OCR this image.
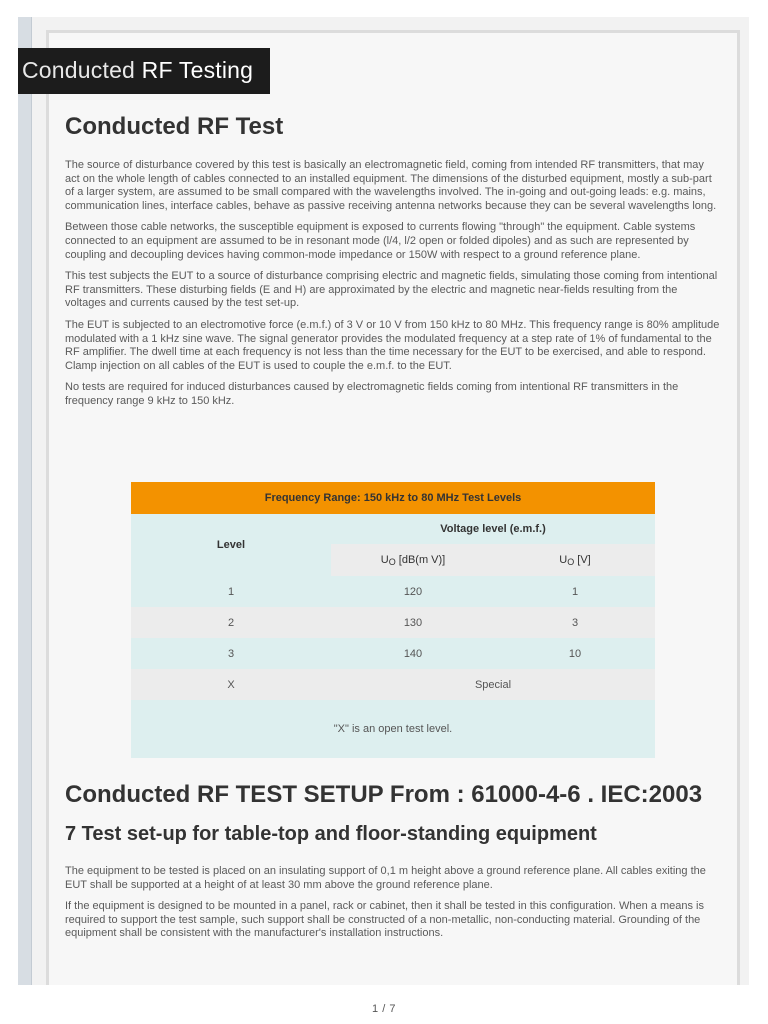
Conducted RF Testing
Conducted RF Test

The source of disturbance covered by this test is basically an electromagnetic field, coming from intended RF transmitters, that may act on the whole length of cables connected to an installed equipment. The dimensions of the disturbed equipment, mostly a sub-part of a larger system, are assumed to be small compared with the wavelengths involved. The in-going and out-going leads: e.g. mains, communication lines, interface cables, behave as passive receiving antenna networks because they can be several wavelengths long.

Between those cable networks, the susceptible equipment is exposed to currents flowing "through" the equipment. Cable systems connected to an equipment are assumed to be in resonant mode (l/4, l/2 open or folded dipoles) and as such are represented by coupling and decoupling devices having common-mode impedance or 150W with respect to a ground reference plane.

This test subjects the EUT to a source of disturbance comprising electric and magnetic fields, simulating those coming from intentional RF transmitters. These disturbing fields (E and H) are approximated by the electric and magnetic near-fields resulting from the voltages and currents caused by the test set-up.

The EUT is subjected to an electromotive force (e.m.f.) of 3 V or 10 V from 150 kHz to 80 MHz. This frequency range is 80% amplitude modulated with a 1 kHz sine wave. The signal generator provides the modulated frequency at a step rate of 1% of fundamental to the RF amplifier. The dwell time at each frequency is not less than the time necessary for the EUT to be exercised, and able to respond. Clamp injection on all cables of the EUT is used to couple the e.m.f. to the EUT.

No tests are required for induced disturbances caused by electromagnetic fields coming from intentional RF transmitters in the frequency range 9 kHz to 150 kHz.

Frequency Range: 150 kHz to 80 MHz Test Levels		
Level	Voltage level (e.m.f.)	
	UO [dB(m V)]	UO [V]
1	120	1
2	130	3
3	140	10
X	Special	
"X" is an open test level.		
Conducted RF TEST SETUP From : 61000-4-6 . IEC:2003
7 Test set-up for table-top and floor-standing equipment

The equipment to be tested is placed on an insulating support of 0,1 m height above a ground reference plane. All cables exiting the EUT shall be supported at a height of at least 30 mm above the ground reference plane.

If the equipment is designed to be mounted in a panel, rack or cabinet, then it shall be tested in this configuration. When a means is required to support the test sample, such support shall be constructed of a non-metallic, non-conducting material. Grounding of the equipment shall be consistent with the manufacturer's installation instructions.

1 / 7
